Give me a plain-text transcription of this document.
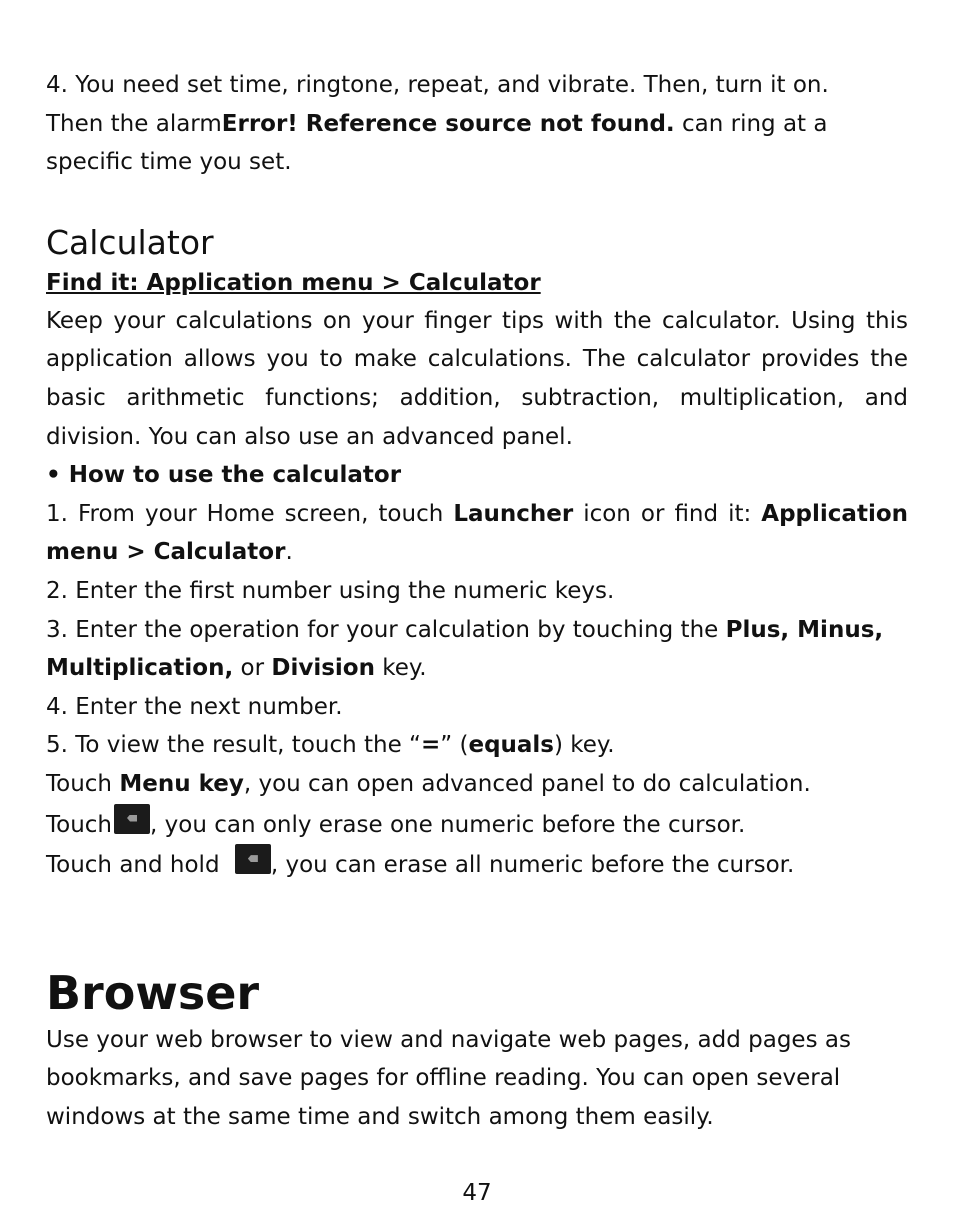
4. You need set time, ringtone, repeat, and vibrate. Then, turn it on.
Then the alarmError! Reference source not found. can ring at a
specific time you set.

Calculator

Find it: Application menu > Calculator

Keep your calculations on your finger tips with the calculator. Using this application allows you to make calculations. The calculator provides the basic arithmetic functions; addition, subtraction, multiplication, and division. You can also use an advanced panel.

• How to use the calculator

1. From your Home screen, touch Launcher icon or find it: Application menu > Calculator.

2. Enter the first number using the numeric keys.

3. Enter the operation for your calculation by touching the Plus, Minus, Multiplication, or Division key.

4. Enter the next number.

5. To view the result, touch the “=” (equals) key.

Touch Menu key, you can open advanced panel to do calculation.

Touch , you can only erase one numeric before the cursor.

Touch and hold , you can erase all numeric before the cursor.

Browser

Use your web browser to view and navigate web pages, add pages as bookmarks, and save pages for offline reading. You can open several windows at the same time and switch among them easily.

47
